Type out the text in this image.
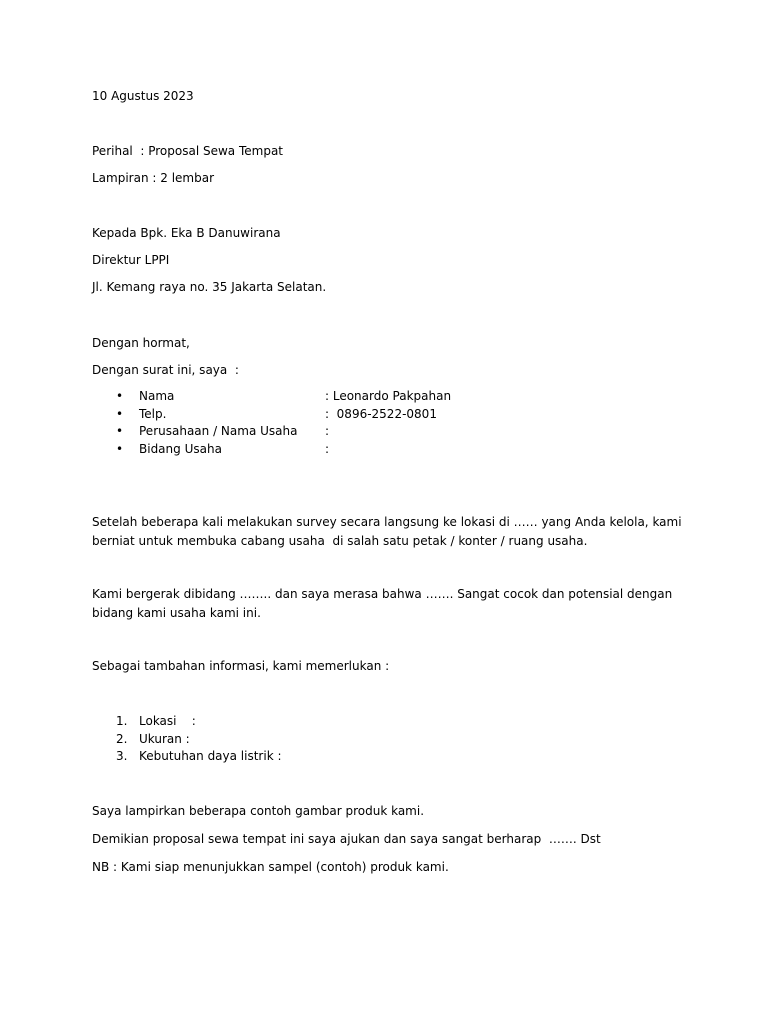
10 Agustus 2023
Perihal  : Proposal Sewa Tempat
Lampiran : 2 lembar
Kepada Bpk. Eka B Danuwirana
Direktur LPPI
Jl. Kemang raya no. 35 Jakarta Selatan.
Dengan hormat,
Dengan surat ini, saya  :

•

Nama

	: Leonardo Pakpahan

•

Telp.

	:  0896-2522-0801

•

Perusahaan / Nama Usaha

:

•

Bidang Usaha

	:

Setelah beberapa kali melakukan survey secara langsung ke lokasi di …… yang Anda kelola, kami
berniat untuk membuka cabang usaha  di salah satu petak / konter / ruang usaha.
Kami bergerak dibidang …….. dan saya merasa bahwa ……. Sangat cocok dan potensial dengan
bidang kami usaha kami ini.
Sebagai tambahan informasi, kami memerlukan :

1.

Lokasi    :

2.

Ukuran :

3.

Kebutuhan daya listrik :

Saya lampirkan beberapa contoh gambar produk kami.
Demikian proposal sewa tempat ini saya ajukan dan saya sangat berharap  ……. Dst
NB : Kami siap menunjukkan sampel (contoh) produk kami.
